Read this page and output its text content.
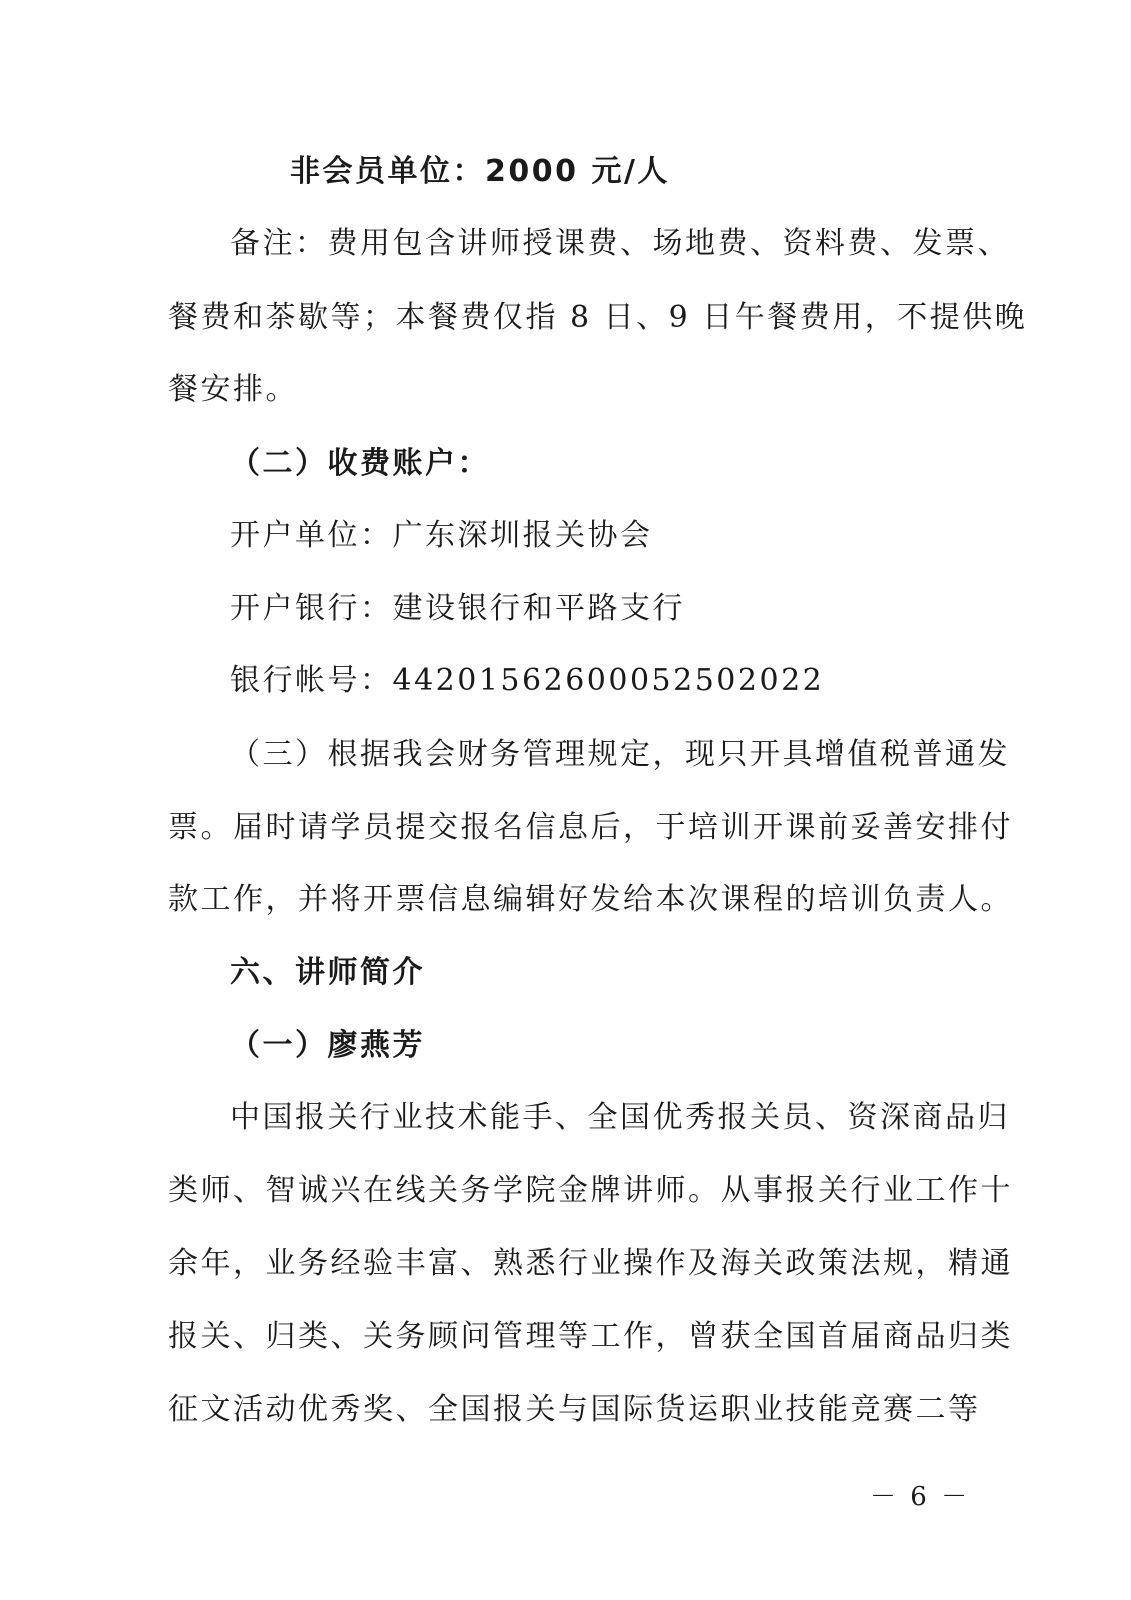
非会员单位：2000 元/人
备注：费用包含讲师授课费、场地费、资料费、发票、
餐费和茶歇等；本餐费仅指 8 日、9 日午餐费用，不提供晚
餐安排。
（二）收费账户：
开户单位：广东深圳报关协会
开户银行：建设银行和平路支行
银行帐号：44201562600052502022
（三）根据我会财务管理规定，现只开具增值税普通发
票。届时请学员提交报名信息后，于培训开课前妥善安排付
款工作，并将开票信息编辑好发给本次课程的培训负责人。
六、讲师简介
（一）廖燕芳
中国报关行业技术能手、全国优秀报关员、资深商品归
类师、智诚兴在线关务学院金牌讲师。从事报关行业工作十
余年，业务经验丰富、熟悉行业操作及海关政策法规，精通
报关、归类、关务顾问管理等工作，曾获全国首届商品归类
征文活动优秀奖、全国报关与国际货运职业技能竞赛二等
－ 6 －
